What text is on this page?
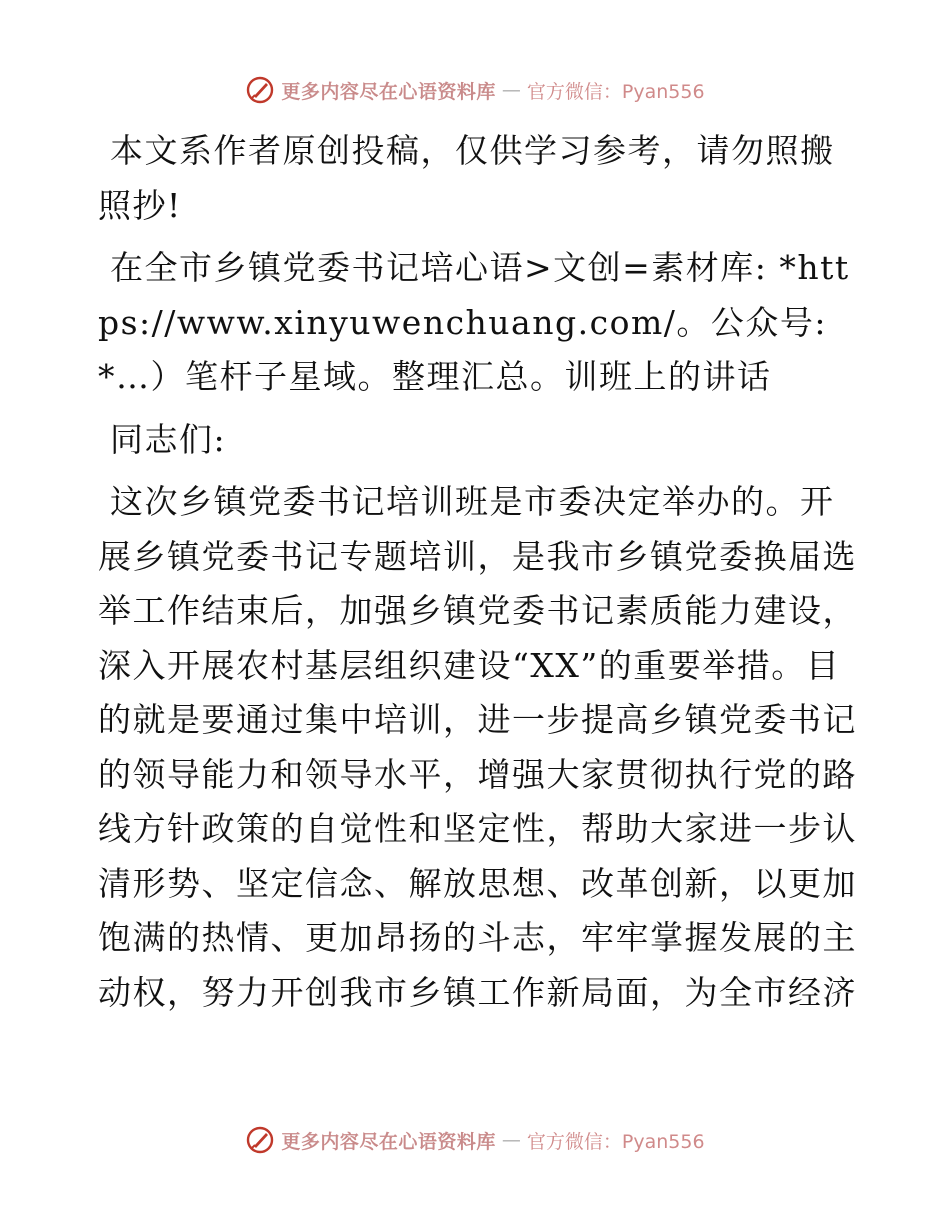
更多内容尽在心语资料库 — 官方微信：Pyan556

本文系作者原创投稿，仅供学习参考，请勿照搬照抄!

在全市乡镇党委书记培心语>文创=素材库: *https://www.xinyuwenchuang.com/。公众号: *…）笔杆子星域。整理汇总。训班上的讲话

同志们:

这次乡镇党委书记培训班是市委决定举办的。开展乡镇党委书记专题培训，是我市乡镇党委换届选举工作结束后，加强乡镇党委书记素质能力建设，深入开展农村基层组织建设“XX”的重要举措。目的就是要通过集中培训，进一步提高乡镇党委书记的领导能力和领导水平，增强大家贯彻执行党的路线方针政策的自觉性和坚定性，帮助大家进一步认清形势、坚定信念、解放思想、改革创新，以更加饱满的热情、更加昂扬的斗志，牢牢掌握发展的主动权，努力开创我市乡镇工作新局面，为全市经济

更多内容尽在心语资料库 — 官方微信：Pyan556
